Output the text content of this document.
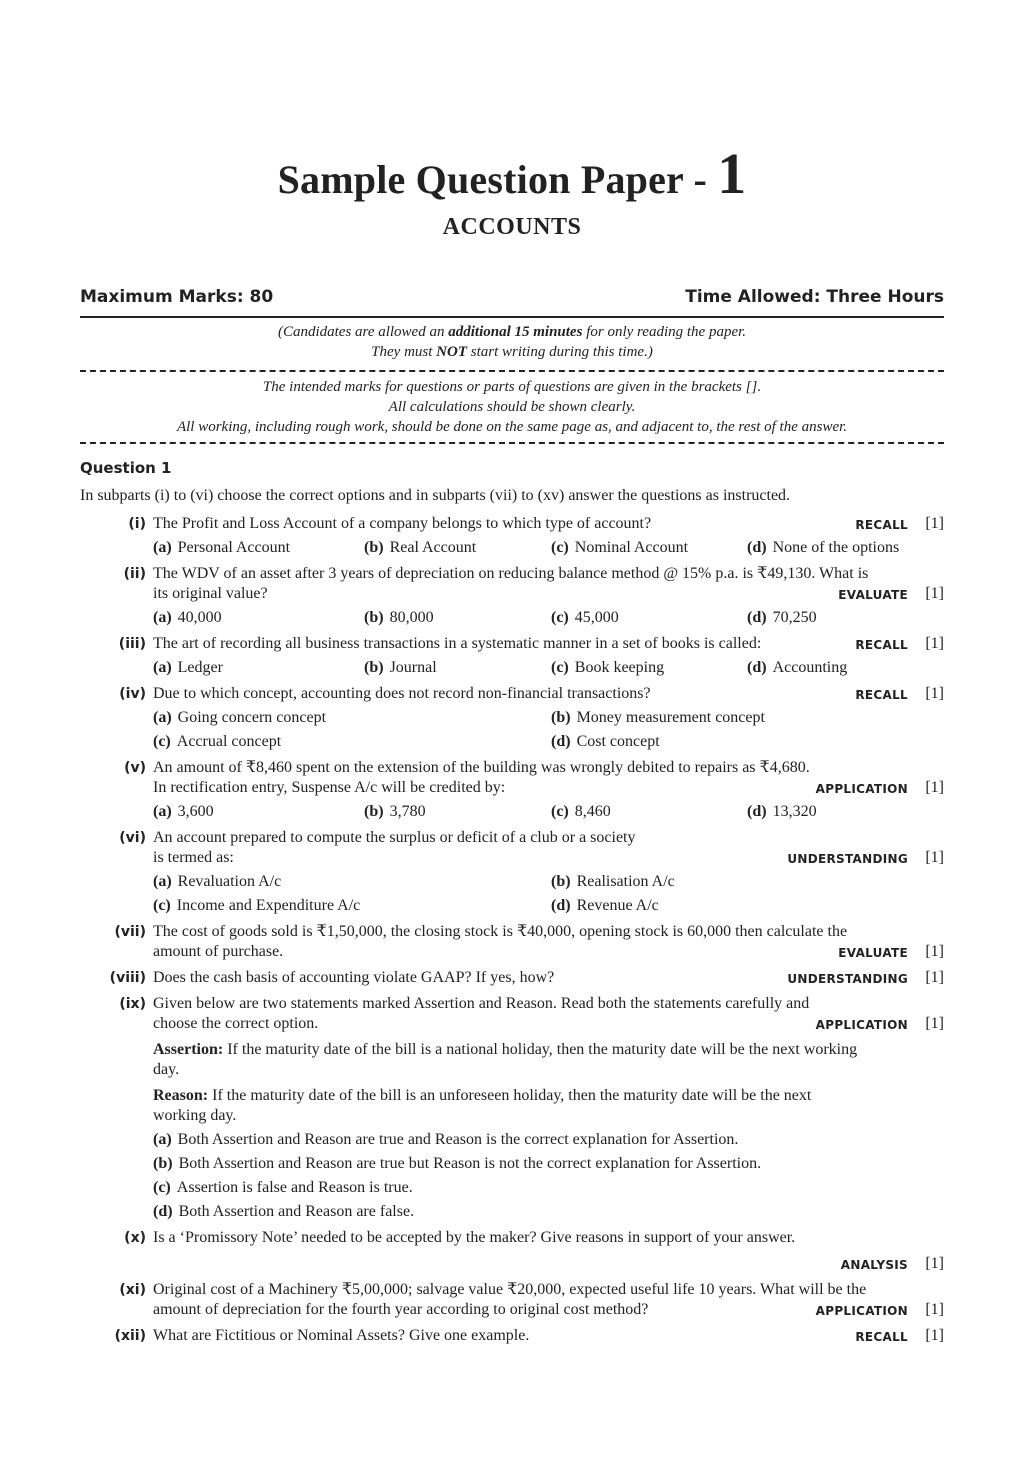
Sample Question Paper - 1
ACCOUNTS
Maximum Marks: 80	Time Allowed: Three Hours
(Candidates are allowed an additional 15 minutes for only reading the paper.
They must NOT start writing during this time.)
The intended marks for questions or parts of questions are given in the brackets [].
All calculations should be shown clearly.
All working, including rough work, should be done on the same page as, and adjacent to, the rest of the answer.
Question 1
In subparts (i) to (vi) choose the correct options and in subparts (vii) to (xv) answer the questions as instructed.
(i) The Profit and Loss Account of a company belongs to which type of account?	RECALL [1]
(a) Personal Account	(b) Real Account	(c) Nominal Account	(d) None of the options
(ii) The WDV of an asset after 3 years of depreciation on reducing balance method @ 15% p.a. is ₹49,130. What is
its original value?	EVALUATE [1]
(a) 40,000	(b) 80,000	(c) 45,000	(d) 70,250
(iii) The art of recording all business transactions in a systematic manner in a set of books is called:	RECALL [1]
(a) Ledger	(b) Journal	(c) Book keeping	(d) Accounting
(iv) Due to which concept, accounting does not record non-financial transactions?	RECALL [1]
(a) Going concern concept	(b) Money measurement concept
(c) Accrual concept	(d) Cost concept
(v) An amount of ₹8,460 spent on the extension of the building was wrongly debited to repairs as ₹4,680.
In rectification entry, Suspense A/c will be credited by:	APPLICATION [1]
(a) 3,600	(b) 3,780	(c) 8,460	(d) 13,320
(vi) An account prepared to compute the surplus or deficit of a club or a society
is termed as:	UNDERSTANDING [1]
(a) Revaluation A/c	(b) Realisation A/c
(c) Income and Expenditure A/c	(d) Revenue A/c
(vii) The cost of goods sold is ₹1,50,000, the closing stock is ₹40,000, opening stock is 60,000 then calculate the
amount of purchase.	EVALUATE [1]
(viii) Does the cash basis of accounting violate GAAP? If yes, how?	UNDERSTANDING [1]
(ix) Given below are two statements marked Assertion and Reason. Read both the statements carefully and
choose the correct option.	APPLICATION [1]
Assertion: If the maturity date of the bill is a national holiday, then the maturity date will be the next working
day.
Reason: If the maturity date of the bill is an unforeseen holiday, then the maturity date will be the next
working day.
(a) Both Assertion and Reason are true and Reason is the correct explanation for Assertion.
(b) Both Assertion and Reason are true but Reason is not the correct explanation for Assertion.
(c) Assertion is false and Reason is true.
(d) Both Assertion and Reason are false.
(x) Is a ‘Promissory Note’ needed to be accepted by the maker? Give reasons in support of your answer.
ANALYSIS [1]
(xi) Original cost of a Machinery ₹5,00,000; salvage value ₹20,000, expected useful life 10 years. What will be the
amount of depreciation for the fourth year according to original cost method?	APPLICATION [1]
(xii) What are Fictitious or Nominal Assets? Give one example.	RECALL [1]
